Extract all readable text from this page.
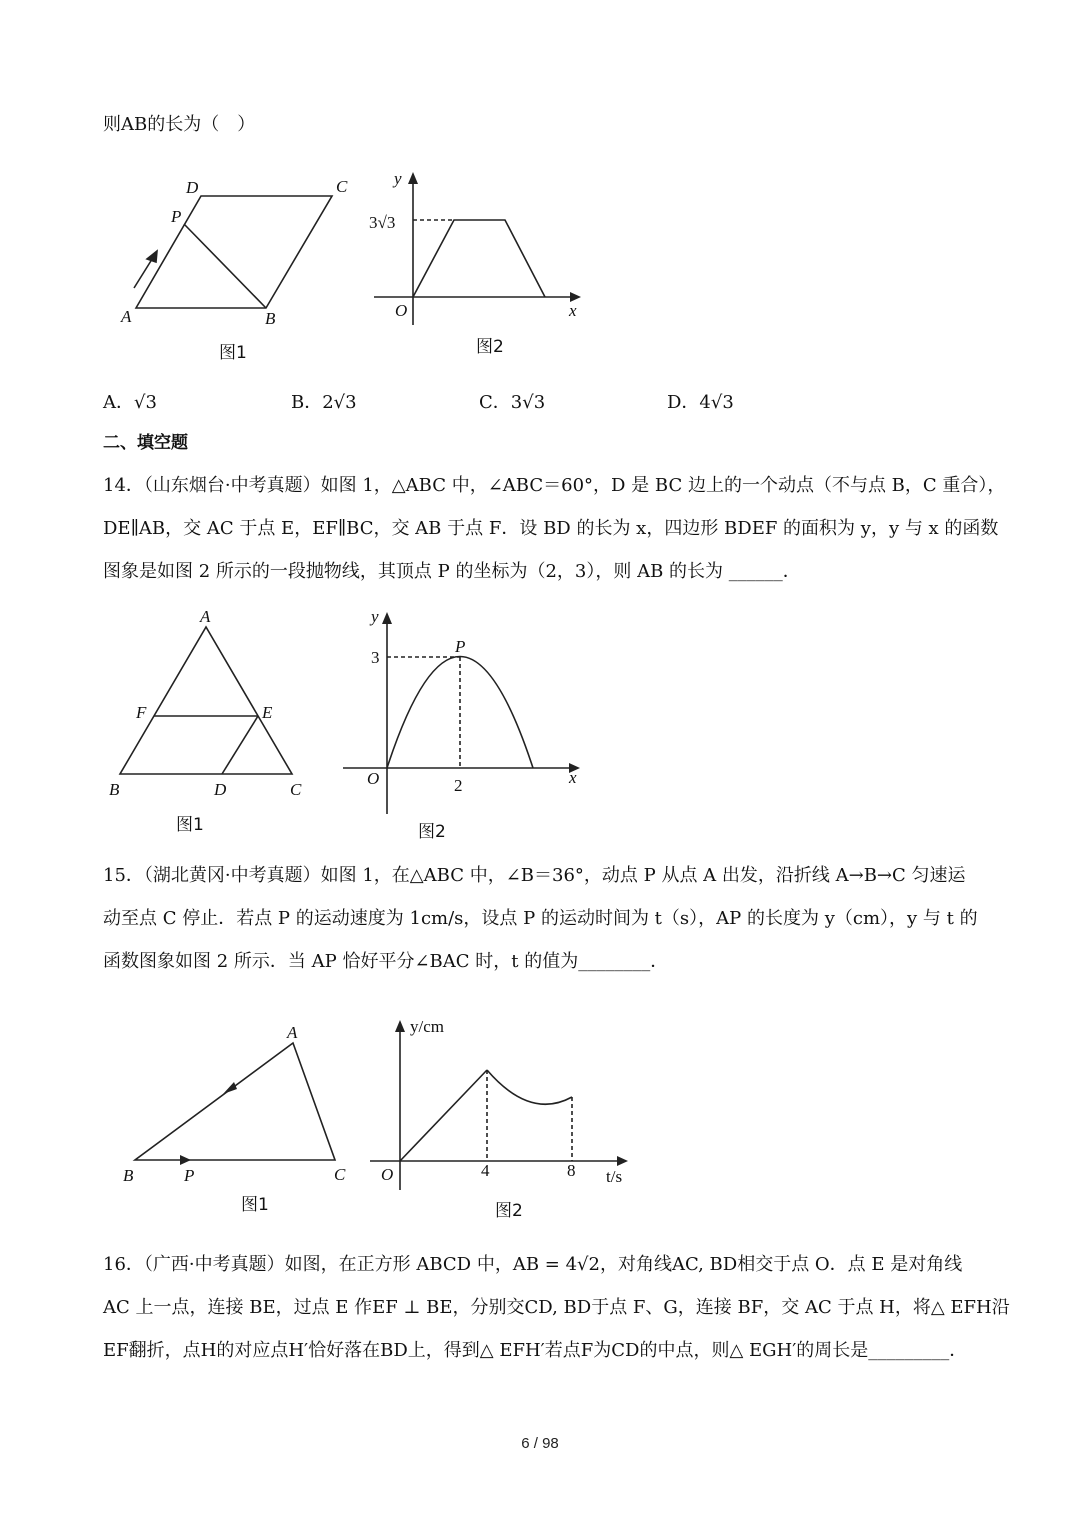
则AB的长为（　）
D	C
P
A	B
图1
y
x
O
3√3
图2
A．√3	B．2√3	C．3√3	D．4√3
二、填空题
14．（山东烟台·中考真题）如图 1，△ABC 中，∠ABC＝60°，D 是 BC 边上的一个动点（不与点 B，C 重合），
DE∥AB，交 AC 于点 E，EF∥BC，交 AB 于点 F．设 BD 的长为 x，四边形 BDEF 的面积为 y，y 与 x 的函数
图象是如图 2 所示的一段抛物线，其顶点 P 的坐标为（2，3），则 AB 的长为 ______．
A
F	E
B	D	C
图1
y
x
O
3
2
P
图2
15．（湖北黄冈·中考真题）如图 1，在△ABC 中，∠B＝36°，动点 P 从点 A 出发，沿折线 A→B→C 匀速运
动至点 C 停止．若点 P 的运动速度为 1cm/s，设点 P 的运动时间为 t（s），AP 的长度为 y（cm），y 与 t 的
函数图象如图 2 所示．当 AP 恰好平分∠BAC 时，t 的值为________．
A
B	P	C
图1
y/cm
t/s
O	4	8
图2
16．（广西·中考真题）如图，在正方形 ABCD 中，AB = 4√2，对角线AC, BD相交于点 O．点 E 是对角线
AC 上一点，连接 BE，过点 E 作EF ⊥ BE，分别交CD, BD于点 F、G，连接 BF，交 AC 于点 H，将△ EFH沿
EF翻折，点H的对应点H′恰好落在BD上，得到△ EFH′若点F为CD的中点，则△ EGH′的周长是_________．
6 / 98
